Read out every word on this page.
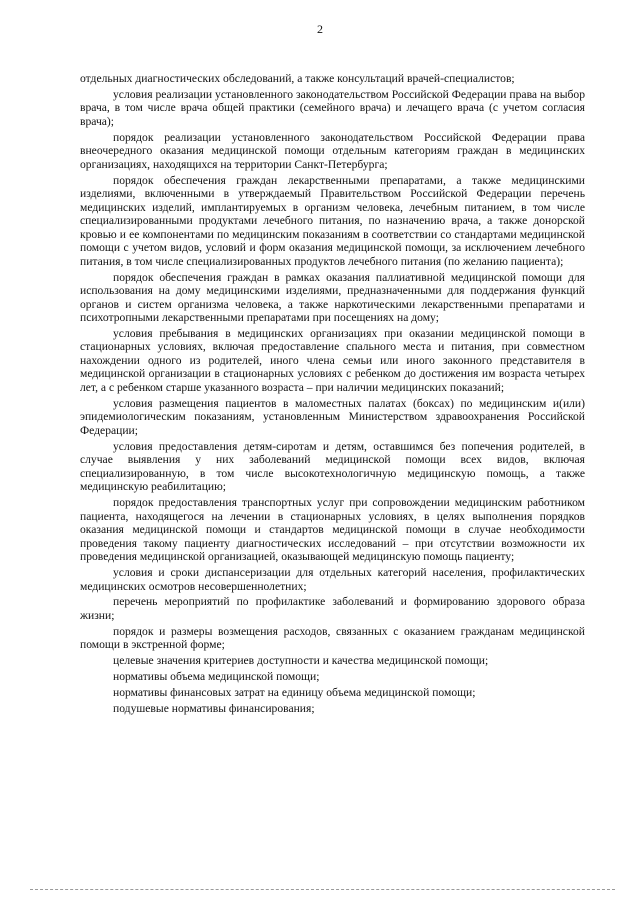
2

отдельных диагностических обследований, а также консультаций врачей-специалистов;

условия реализации установленного законодательством Российской Федерации права на выбор врача, в том числе врача общей практики (семейного врача) и лечащего врача (с учетом согласия врача);

порядок реализации установленного законодательством Российской Федерации права внеочередного оказания медицинской помощи отдельным категориям граждан в медицинских организациях, находящихся на территории Санкт-Петербурга;

порядок обеспечения граждан лекарственными препаратами, а также медицинскими изделиями, включенными в утверждаемый Правительством Российской Федерации перечень медицинских изделий, имплантируемых в организм человека, лечебным питанием, в том числе специализированными продуктами лечебного питания, по назначению врача, а также донорской кровью и ее компонентами по медицинским показаниям в соответствии со стандартами медицинской помощи с учетом видов, условий и форм оказания медицинской помощи, за исключением лечебного питания, в том числе специализированных продуктов лечебного питания (по желанию пациента);

порядок обеспечения граждан в рамках оказания паллиативной медицинской помощи для использования на дому медицинскими изделиями, предназначенными для поддержания функций органов и систем организма человека, а также наркотическими лекарственными препаратами и психотропными лекарственными препаратами при посещениях на дому;

условия пребывания в медицинских организациях при оказании медицинской помощи в стационарных условиях, включая предоставление спального места и питания, при совместном нахождении одного из родителей, иного члена семьи или иного законного представителя в медицинской организации в стационарных условиях с ребенком до достижения им возраста четырех лет, а с ребенком старше указанного возраста – при наличии медицинских показаний;

условия размещения пациентов в маломестных палатах (боксах) по медицинским и(или) эпидемиологическим показаниям, установленным Министерством здравоохранения Российской Федерации;

условия предоставления детям-сиротам и детям, оставшимся без попечения родителей, в случае выявления у них заболеваний медицинской помощи всех видов, включая специализированную, в том числе высокотехнологичную медицинскую помощь, а также медицинскую реабилитацию;

порядок предоставления транспортных услуг при сопровождении медицинским работником пациента, находящегося на лечении в стационарных условиях, в целях выполнения порядков оказания медицинской помощи и стандартов медицинской помощи в случае необходимости проведения такому пациенту диагностических исследований – при отсутствии возможности их проведения медицинской организацией, оказывающей медицинскую помощь пациенту;

условия и сроки диспансеризации для отдельных категорий населения, профилактических медицинских осмотров несовершеннолетних;

перечень мероприятий по профилактике заболеваний и формированию здорового образа жизни;

порядок и размеры возмещения расходов, связанных с оказанием гражданам медицинской помощи в экстренной форме;

целевые значения критериев доступности и качества медицинской помощи;

нормативы объема медицинской помощи;

нормативы финансовых затрат на единицу объема медицинской помощи;

подушевые нормативы финансирования;
